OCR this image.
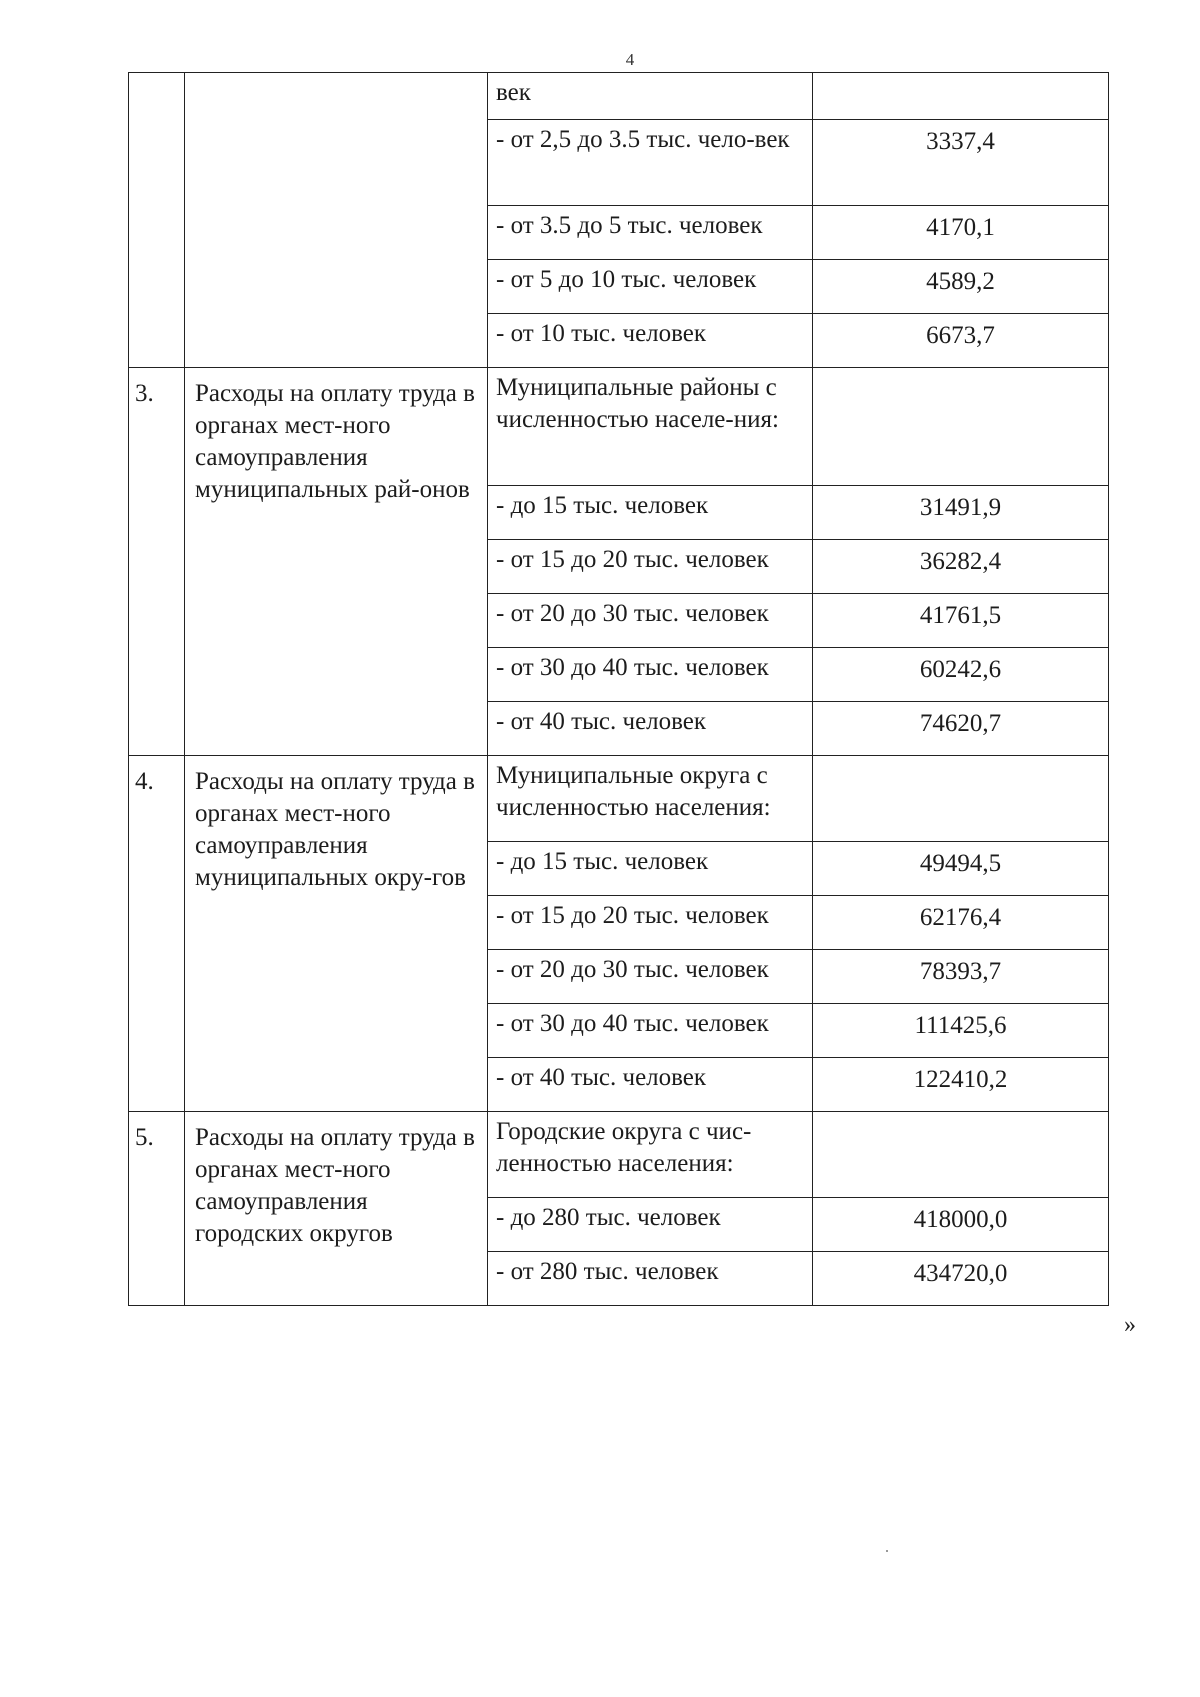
4
		век	
		- от 2,5 до 3.5 тыс. чело-век	3337,4
		- от 3.5 до 5 тыс. человек	4170,1
		- от 5 до 10 тыс. человек	4589,2
		- от 10 тыс. человек	6673,7
3.	Расходы на оплату труда в органах мест-ного самоуправления муниципальных рай-онов	Муниципальные районы с численностью населе-ния:	
		- до 15 тыс. человек	31491,9
		- от 15 до 20 тыс. человек	36282,4
		- от 20 до 30 тыс. человек	41761,5
		- от 30 до 40 тыс. человек	60242,6
		- от 40 тыс. человек	74620,7
4.	Расходы на оплату труда в органах мест-ного самоуправления муниципальных окру-гов	Муниципальные округа с численностью населения:	
		- до 15 тыс. человек	49494,5
		- от 15 до 20 тыс. человек	62176,4
		- от 20 до 30 тыс. человек	78393,7
		- от 30 до 40 тыс. человек	111425,6
		- от 40 тыс. человек	122410,2
5.	Расходы на оплату труда в органах мест-ного самоуправления городских округов	Городские округа с чис-ленностью населения:	
		- до 280 тыс. человек	418000,0
		- от 280 тыс. человек	434720,0
»
